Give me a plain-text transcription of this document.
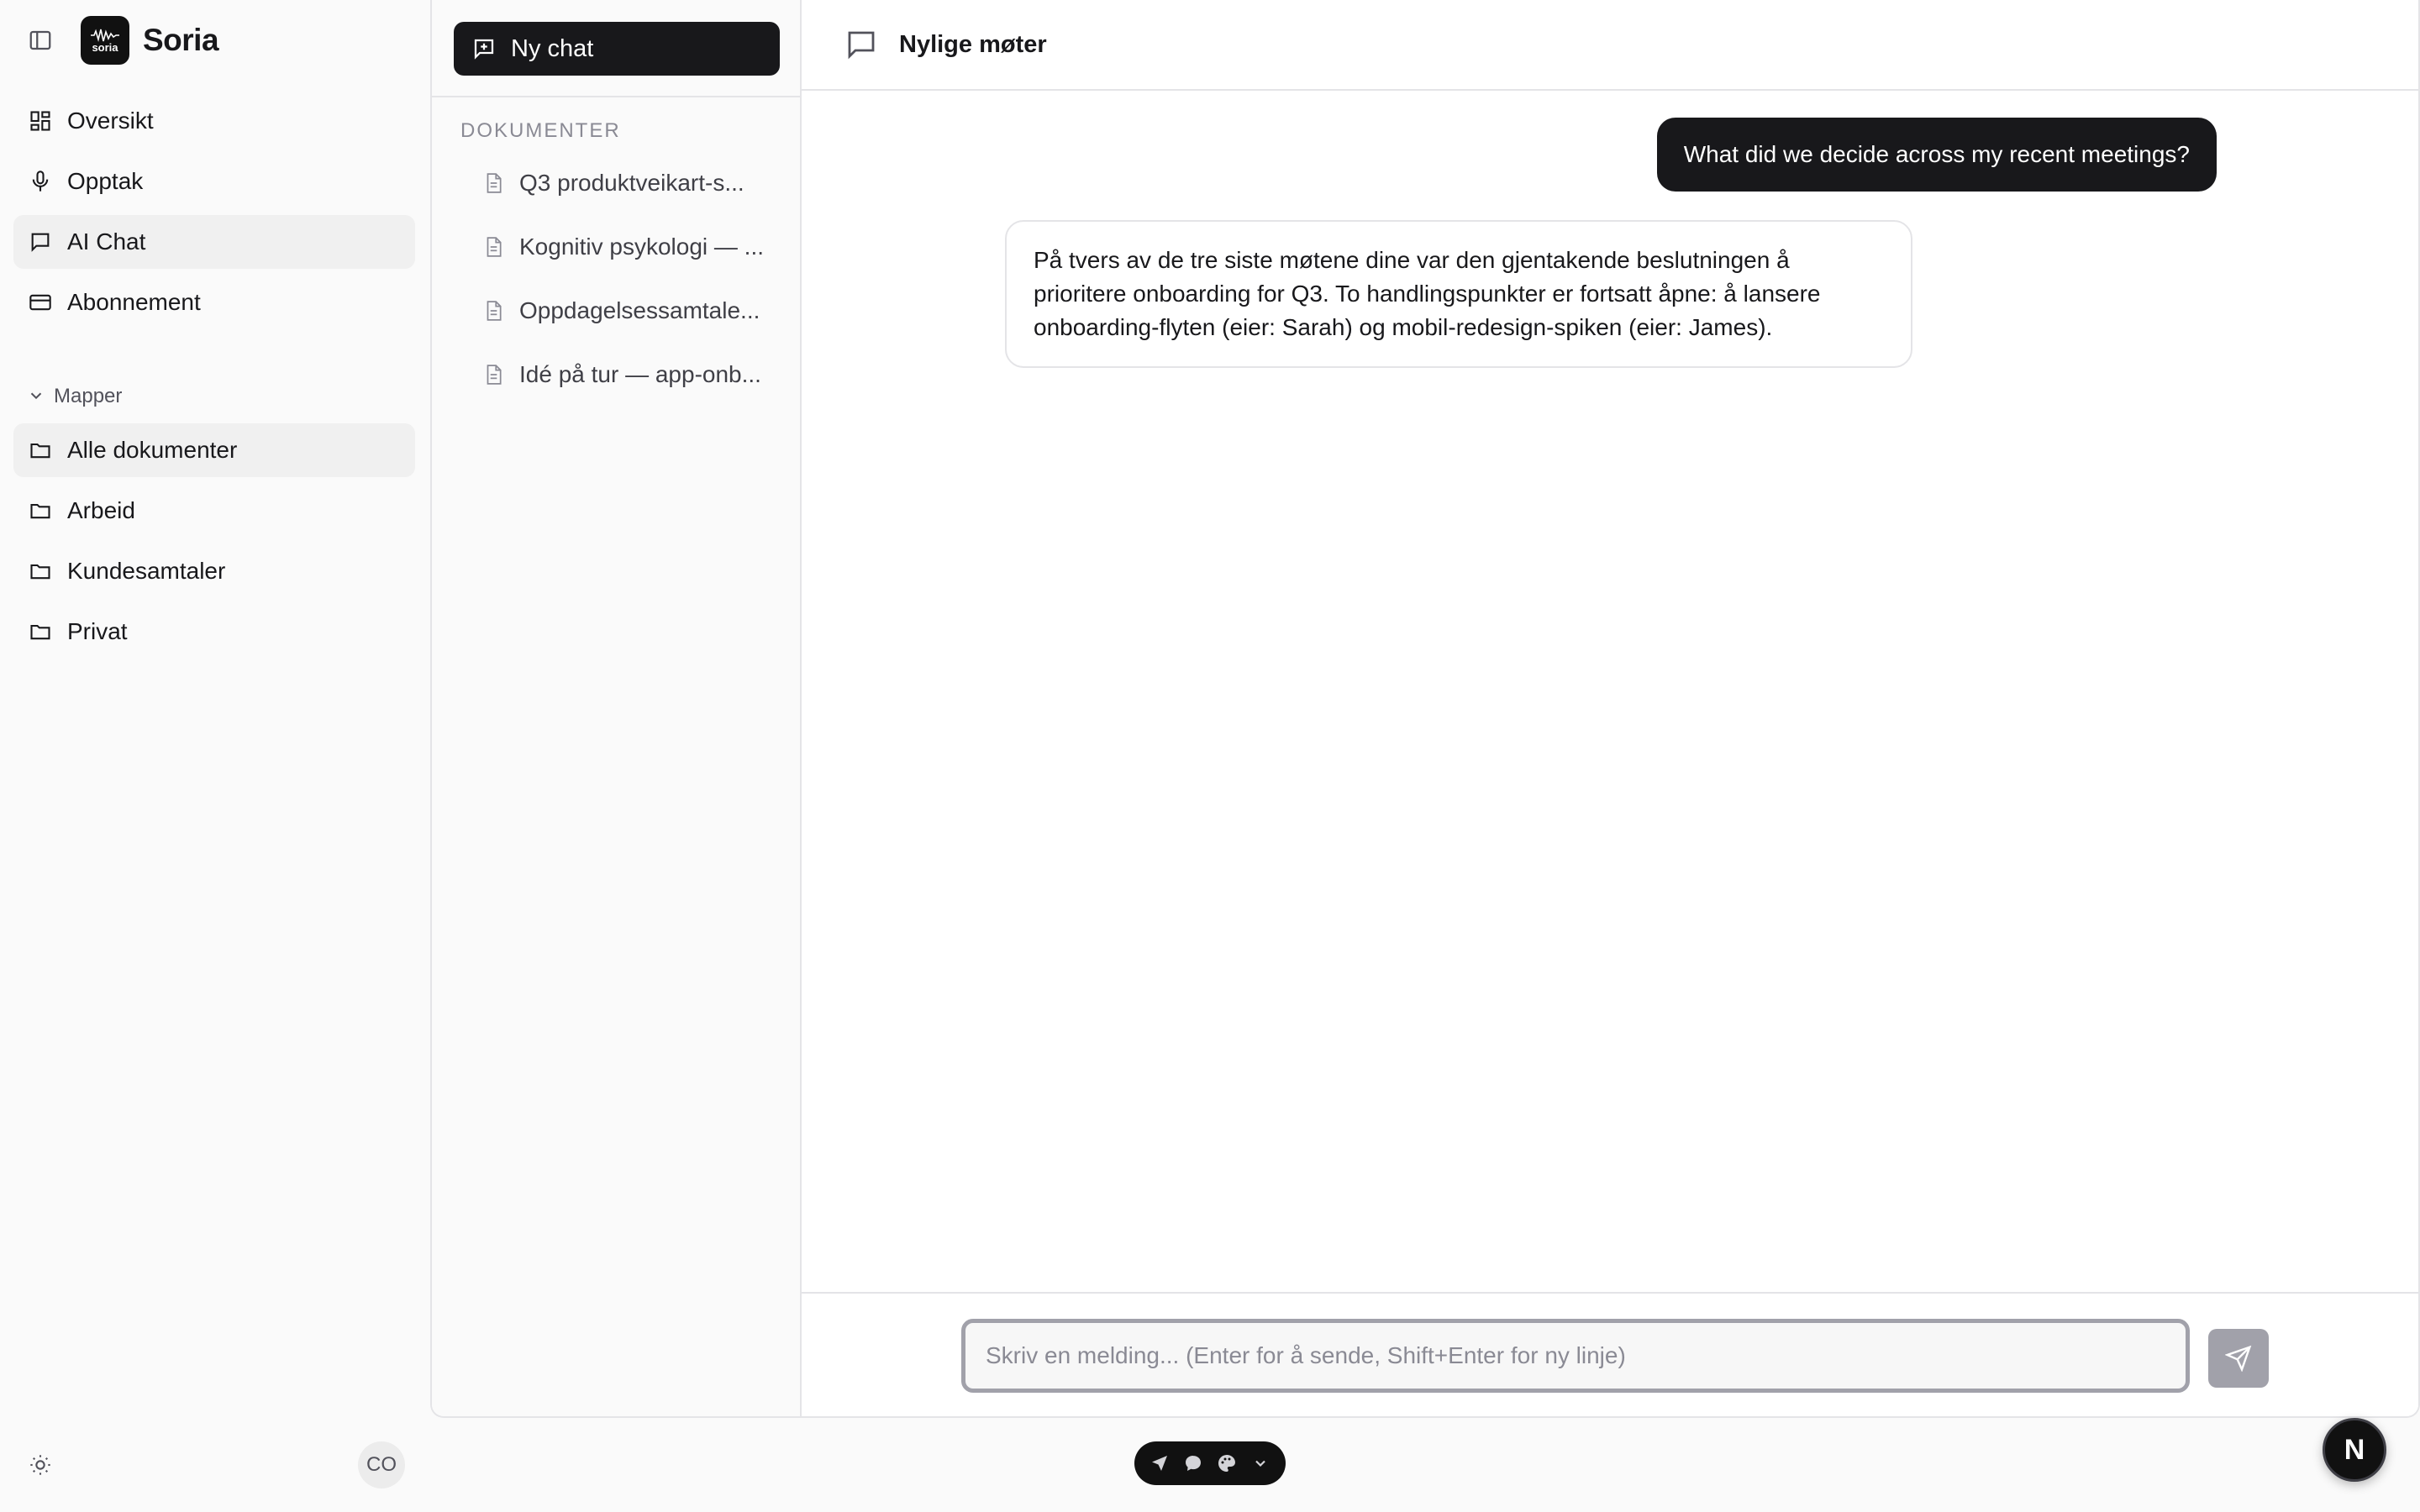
soria Soria
Oversikt
Opptak
AI Chat
Abonnement
Mapper
Alle dokumenter
Arbeid
Kundesamtaler
Privat
CO
Ny chat
DOKUMENTER
Q3 produktveikart-s...
Kognitiv psykologi — ...
Oppdagelsessamtale...
Idé på tur — app-onb...
Nylige møter
What did we decide across my recent meetings?
På tvers av de tre siste møtene dine var den gjentakende beslutningen å prioritere onboarding for Q3. To handlingspunkter er fortsatt åpne: å lansere onboarding-flyten (eier: Sarah) og mobil-redesign-spiken (eier: James).
Skriv en melding... (Enter for å sende, Shift+Enter for ny linje)
N
